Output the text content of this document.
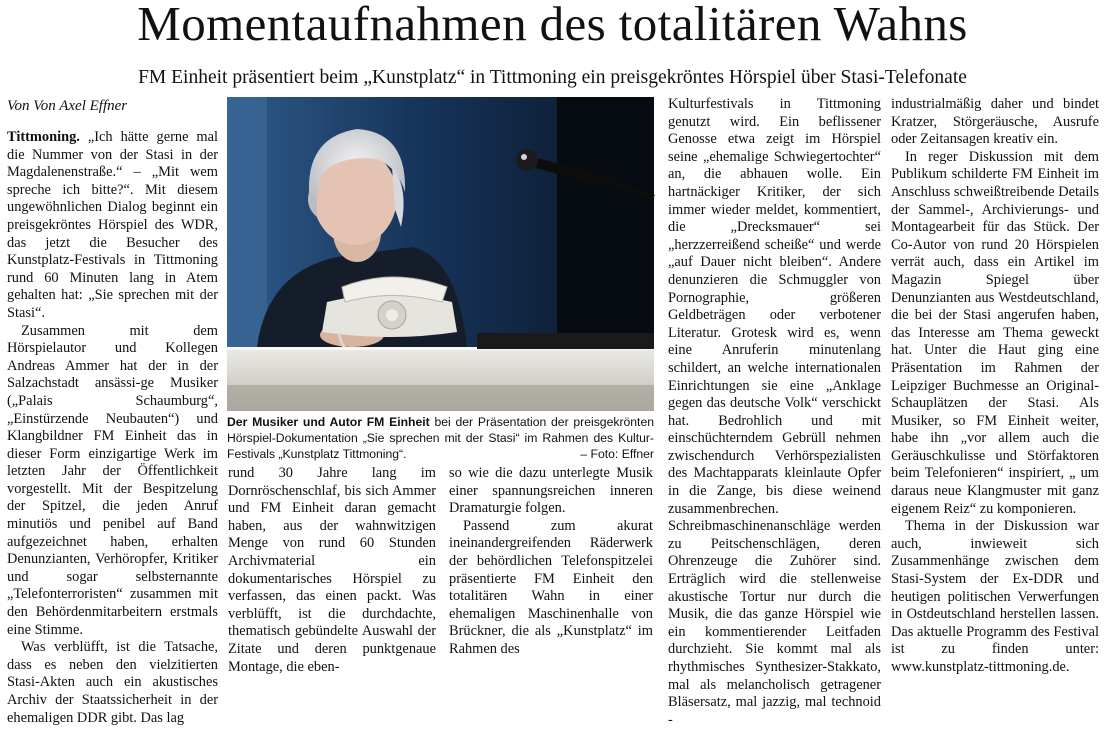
Momentaufnahmen des totalitären Wahns
FM Einheit präsentiert beim „Kunstplatz“ in Tittmoning ein preisgekröntes Hörspiel über Stasi-Telefonate
Von Von Axel Effner

Tittmoning. „Ich hätte gerne mal die Nummer von der Stasi in der Magdalenenstraße.“ – „Mit wem spreche ich bitte?“. Mit diesem ungewöhnlichen Dialog beginnt ein preisgekröntes Hörspiel des WDR, das jetzt die Besucher des Kunstplatz-Festivals in Tittmoning rund 60 Minuten lang in Atem gehalten hat: „Sie sprechen mit der Stasi“.

Zusammen mit dem Hörspielautor und Kollegen Andreas Ammer hat der in der Salzachstadt ansässi-ge Musiker („Palais Schaumburg“, „Einstürzende Neubauten“) und Klangbildner FM Einheit das in dieser Form einzigartige Werk im letzten Jahr der Öffentlichkeit vorgestellt. Mit der Bespitzelung der Spitzel, die jeden Anruf minutiös und penibel auf Band aufgezeichnet haben, erhalten Denunzianten, Verhöropfer, Kritiker und sogar selbsternannte „Telefonterroristen“ zusammen mit den Behördenmitarbeitern erstmals eine Stimme.

Was verblüfft, ist die Tatsache, dass es neben den vielzitierten Stasi-Akten auch ein akustisches Archiv der Staatssicherheit in der ehemaligen DDR gibt. Das lag

Der Musiker und Autor FM Einheit bei der Präsentation der preisgekrönten Hörspiel-Dokumentation „Sie sprechen mit der Stasi“ im Rahmen des Kultur-Festivals „Kunstplatz Tittmoning“.	– Foto: Effner

rund 30 Jahre lang im Dornröschenschlaf, bis sich Ammer und FM Einheit daran gemacht haben, aus der wahnwitzigen Menge von rund 60 Stunden Archivmaterial ein dokumentarisches Hörspiel zu verfassen, das einen packt. Was verblüfft, ist die durchdachte, thematisch gebündelte Auswahl der Zitate und deren punktgenaue Montage, die eben-

so wie die dazu unterlegte Musik einer spannungsreichen inneren Dramaturgie folgen.

Passend zum akurat ineinandergreifenden Räderwerk der behördlichen Telefonspitzelei präsentierte FM Einheit den totalitären Wahn in einer ehemaligen Maschinenhalle von Brückner, die als „Kunstplatz“ im Rahmen des

Kulturfestivals in Tittmoning genutzt wird. Ein beflissener Genosse etwa zeigt im Hörspiel seine „ehemalige Schwiegertochter“ an, die abhauen wolle. Ein hartnäckiger Kritiker, der sich immer wieder meldet, kommentiert, die „Drecksmauer“ sei „herzzerreißend scheiße“ und werde „auf Dauer nicht bleiben“. Andere denunzieren die Schmuggler von Pornographie, größeren Geldbeträgen oder verbotener Literatur. Grotesk wird es, wenn eine Anruferin minutenlang schildert, an welche internationalen Einrichtungen sie eine „Anklage gegen das deutsche Volk“ verschickt hat. Bedrohlich und mit einschüchterndem Gebrüll nehmen zwischendurch Verhörspezialisten des Machtapparats kleinlaute Opfer in die Zange, bis diese weinend zusammenbrechen. Schreibmaschinenanschläge werden zu Peitschenschlägen, deren Ohrenzeuge die Zuhörer sind. Erträglich wird die stellenweise akustische Tortur nur durch die Musik, die das ganze Hörspiel wie ein kommentierender Leitfaden durchzieht. Sie kommt mal als rhythmisches Synthesizer-Stakkato, mal als melancholisch getragener Bläsersatz, mal jazzig, mal technoid -

industrialmäßig daher und bindet Kratzer, Störgeräusche, Ausrufe oder Zeitansagen kreativ ein.

In reger Diskussion mit dem Publikum schilderte FM Einheit im Anschluss schweißtreibende Details der Sammel-, Archivierungs- und Montagearbeit für das Stück. Der Co-Autor von rund 20 Hörspielen verrät auch, dass ein Artikel im Magazin Spiegel über Denunzianten aus Westdeutschland, die bei der Stasi angerufen haben, das Interesse am Thema geweckt hat. Unter die Haut ging eine Präsentation im Rahmen der Leipziger Buchmesse an Original-Schauplätzen der Stasi. Als Musiker, so FM Einheit weiter, habe ihn „vor allem auch die Geräuschkulisse und Störfaktoren beim Telefonieren“ inspiriert, „ um daraus neue Klangmuster mit ganz eigenem Reiz“ zu komponieren.

Thema in der Diskussion war auch, inwieweit sich Zusammenhänge zwischen dem Stasi-System der Ex-DDR und heutigen politischen Verwerfungen in Ostdeutschland herstellen lassen. Das aktuelle Programm des Festival ist zu finden unter: www.kunstplatz-tittmoning.de.
